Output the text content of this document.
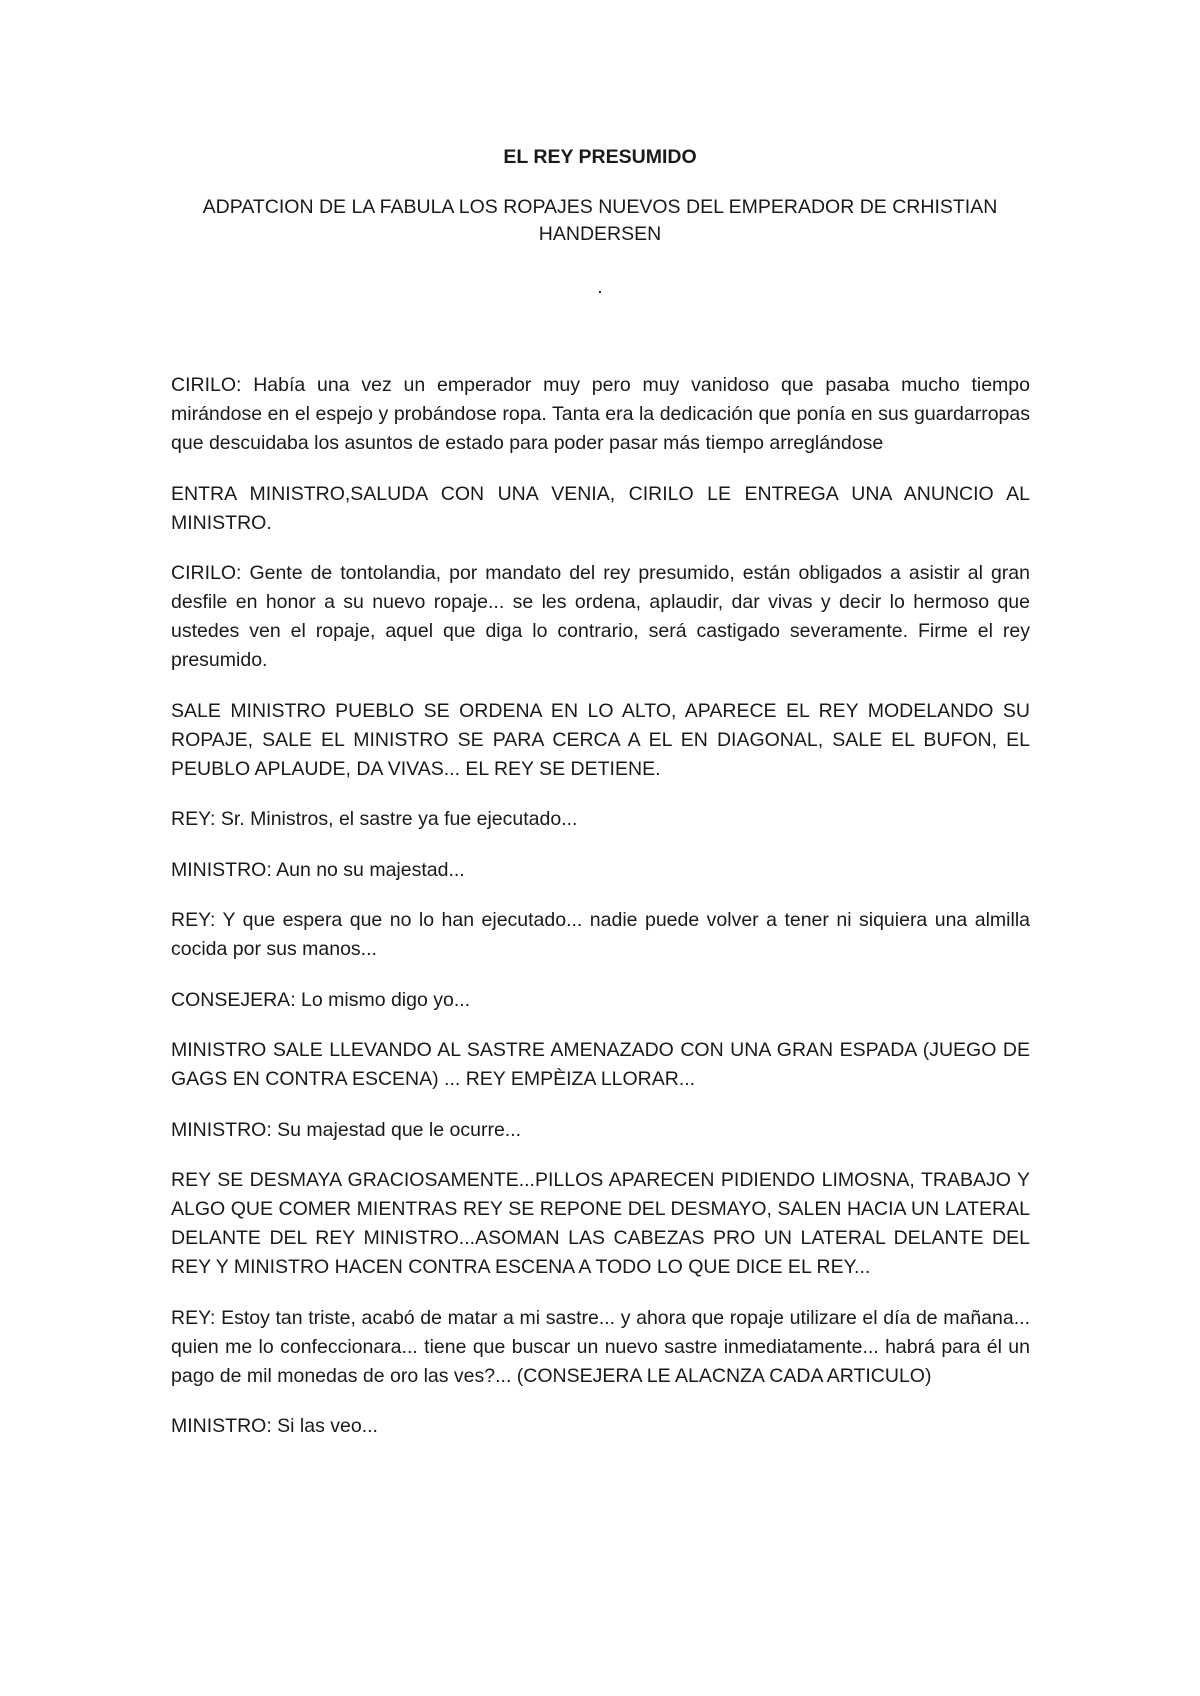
EL REY PRESUMIDO

ADPATCION DE LA FABULA LOS ROPAJES NUEVOS DEL EMPERADOR DE CRHISTIAN HANDERSEN

.

CIRILO: Había una vez un emperador muy pero muy vanidoso que pasaba mucho tiempo mirándose en el espejo y probándose ropa. Tanta era la dedicación que ponía en sus guardarropas que descuidaba los asuntos de estado para poder pasar más tiempo arreglándose

ENTRA MINISTRO,SALUDA CON UNA VENIA, CIRILO LE ENTREGA UNA ANUNCIO AL MINISTRO.

CIRILO: Gente de tontolandia, por mandato del rey presumido, están obligados a asistir al gran desfile en honor a su nuevo ropaje... se les ordena, aplaudir, dar vivas y decir lo hermoso que ustedes ven el ropaje, aquel que diga lo contrario, será castigado severamente. Firme el rey presumido.

SALE MINISTRO PUEBLO SE ORDENA EN LO ALTO, APARECE EL REY MODELANDO SU ROPAJE, SALE EL MINISTRO SE PARA CERCA A EL EN DIAGONAL, SALE EL BUFON, EL PEUBLO APLAUDE, DA VIVAS... EL REY SE DETIENE.

REY: Sr. Ministros, el sastre ya fue ejecutado...

MINISTRO: Aun no su majestad...

REY: Y que espera que no lo han ejecutado... nadie puede volver a tener ni siquiera una almilla cocida por sus manos...

CONSEJERA: Lo mismo digo yo...

MINISTRO SALE LLEVANDO AL SASTRE AMENAZADO CON UNA GRAN ESPADA (JUEGO DE GAGS EN CONTRA ESCENA) ... REY EMPÈIZA LLORAR...

MINISTRO: Su majestad que le ocurre...

REY SE DESMAYA GRACIOSAMENTE...PILLOS APARECEN PIDIENDO LIMOSNA, TRABAJO Y ALGO QUE COMER MIENTRAS REY SE REPONE DEL DESMAYO, SALEN HACIA UN LATERAL DELANTE DEL REY MINISTRO...ASOMAN LAS CABEZAS PRO UN LATERAL DELANTE DEL REY Y MINISTRO HACEN CONTRA ESCENA A TODO LO QUE DICE EL REY...

REY: Estoy tan triste, acabó de matar a mi sastre... y ahora que ropaje utilizare el día de mañana... quien me lo confeccionara... tiene que buscar un nuevo sastre inmediatamente... habrá para él un pago de mil monedas de oro las ves?... (CONSEJERA LE ALACNZA CADA ARTICULO)

MINISTRO: Si las veo...
